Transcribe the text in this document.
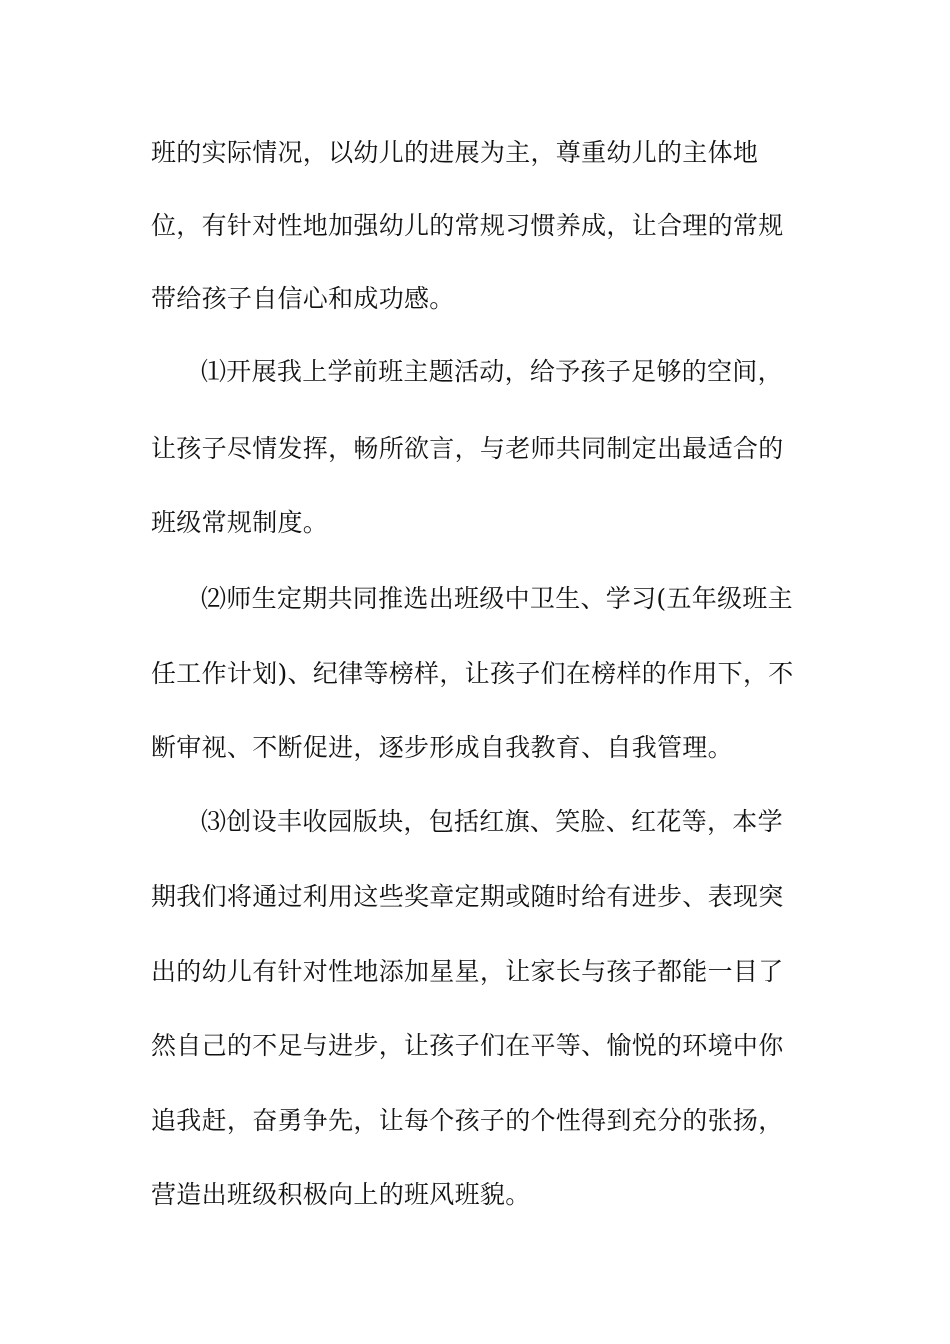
班的实际情况，以幼儿的进展为主，尊重幼儿的主体地
位，有针对性地加强幼儿的常规习惯养成，让合理的常规
带给孩子自信心和成功感。
⑴开展我上学前班主题活动，给予孩子足够的空间，
让孩子尽情发挥，畅所欲言，与老师共同制定出最适合的
班级常规制度。
⑵师生定期共同推选出班级中卫生、学习(五年级班主
任工作计划)、纪律等榜样，让孩子们在榜样的作用下，不
断审视、不断促进，逐步形成自我教育、自我管理。
⑶创设丰收园版块，包括红旗、笑脸、红花等，本学
期我们将通过利用这些奖章定期或随时给有进步、表现突
出的幼儿有针对性地添加星星，让家长与孩子都能一目了
然自己的不足与进步，让孩子们在平等、愉悦的环境中你
追我赶，奋勇争先，让每个孩子的个性得到充分的张扬，
营造出班级积极向上的班风班貌。
